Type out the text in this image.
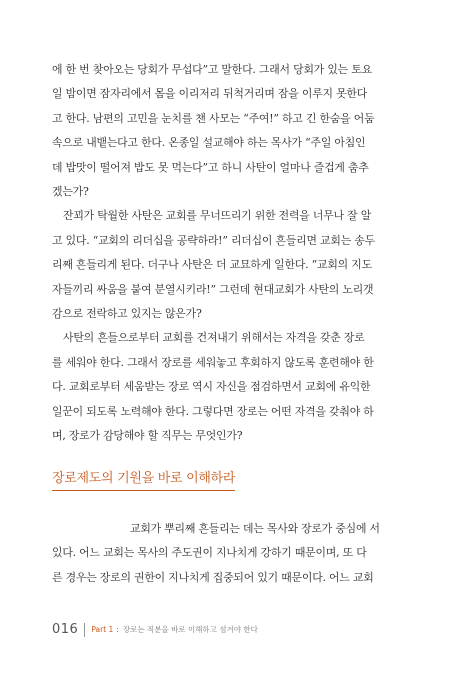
에 한 번 찾아오는 당회가 무섭다”고 말한다. 그래서 당회가 있는 토요
일 밤이면 잠자리에서 몸을 이리저리 뒤척거리며 잠을 이루지 못한다
고 한다. 남편의 고민을 눈치를 챈 사모는 “주여!” 하고 긴 한숨을 어둠
속으로 내뱉는다고 한다. 온종일 설교해야 하는 목사가 “주일 아침인
데 밥맛이 떨어져 밥도 못 먹는다”고 하니 사탄이 얼마나 즐겁게 춤추
겠는가?

잔꾀가 탁월한 사탄은 교회를 무너뜨리기 위한 전력을 너무나 잘 알
고 있다. “교회의 리더십을 공략하라!” 리더십이 흔들리면 교회는 송두
리째 흔들리게 된다. 더구나 사탄은 더 교묘하게 일한다. “교회의 지도
자들끼리 싸움을 붙여 분열시키라!” 그런데 현대교회가 사탄의 노리갯
감으로 전락하고 있지는 않은가?

사탄의 흔들으로부터 교회를 건져내기 위해서는 자격을 갖춘 장로
를 세워야 한다. 그래서 장로를 세워놓고 후회하지 않도록 훈련해야 한
다. 교회로부터 세움받는 장로 역시 자신을 점검하면서 교회에 유익한
일꾼이 되도록 노력해야 한다. 그렇다면 장로는 어떤 자격을 갖춰야 하
며, 장로가 감당해야 할 직무는 무엇인가?

장로제도의 기원을 바로 이해하라
교회가 뿌리째 흔들리는 데는 목사와 장로가 중심에 서
있다. 어느 교회는 목사의 주도권이 지나치게 강하기 때문이며, 또 다
른 경우는 장로의 권한이 지나치게 집중되어 있기 때문이다. 어느 교회
016 Part 1 : 장로는 직분을 바로 이해하고 섬겨야 한다
